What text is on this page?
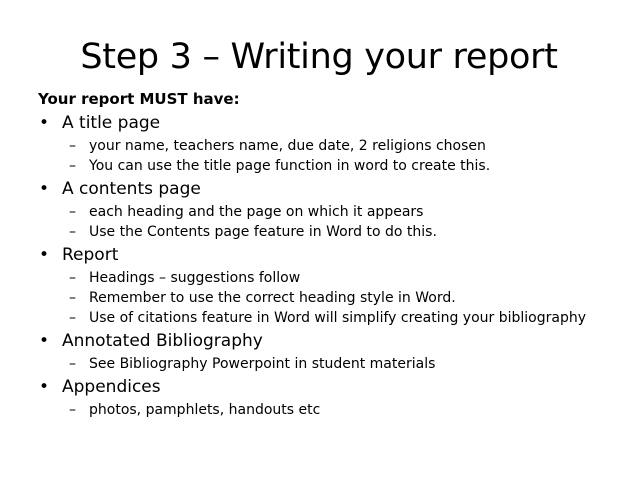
Step 3 – Writing your report
Your report MUST have:
• A title page
– your name, teachers name, due date, 2 religions chosen
– You can use the title page function in word to create this.
• A contents page
– each heading and the page on which it appears
– Use the Contents page feature in Word to do this.
• Report
– Headings – suggestions follow
– Remember to use the correct heading style in Word.
– Use of citations feature in Word will simplify creating your bibliography
• Annotated Bibliography
– See Bibliography Powerpoint in student materials
• Appendices
– photos, pamphlets, handouts etc
